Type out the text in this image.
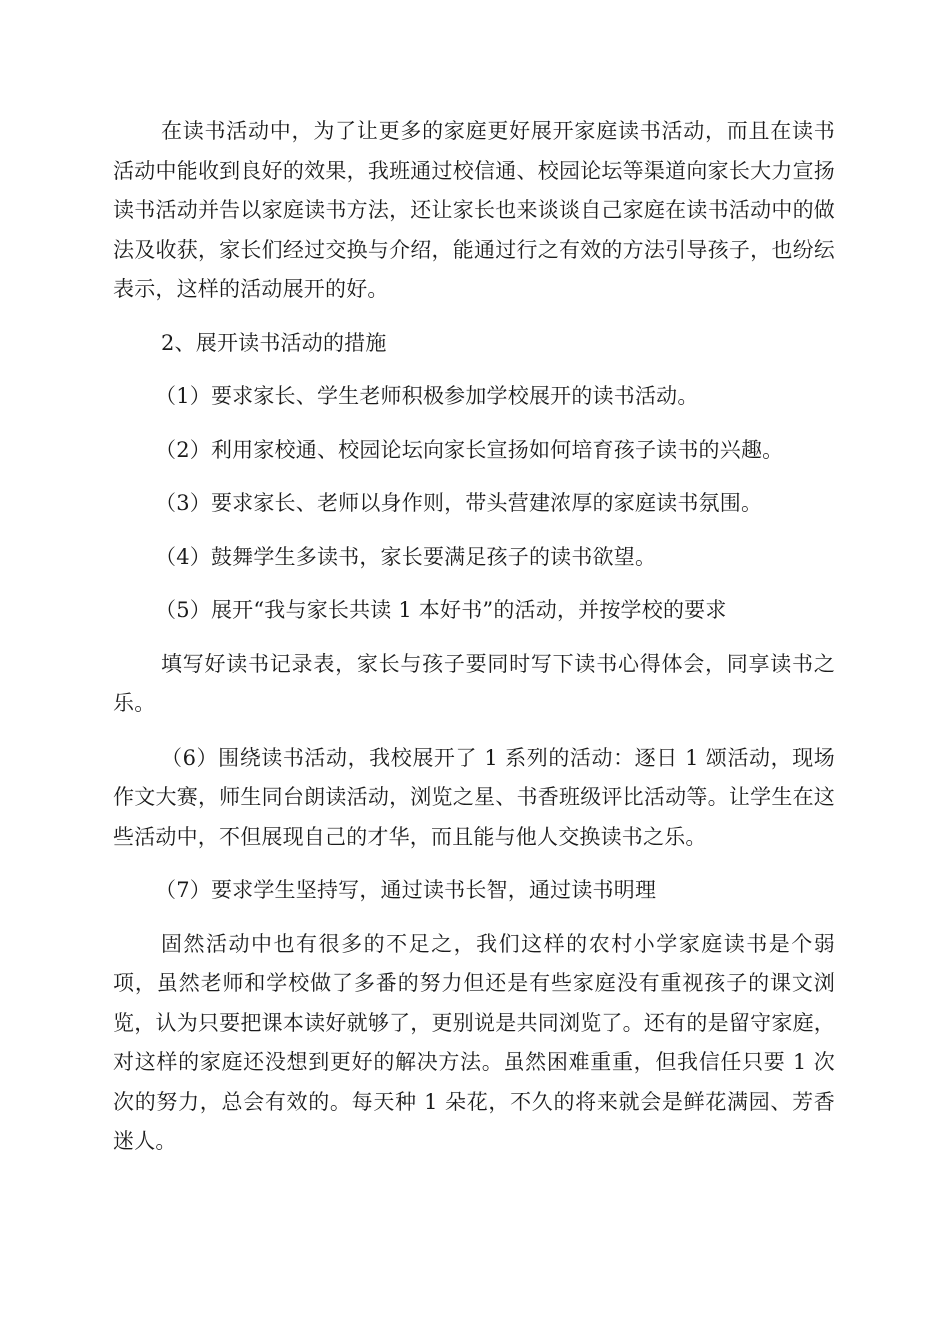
在读书活动中，为了让更多的家庭更好展开家庭读书活动，而且在读书活动中能收到良好的效果，我班通过校信通、校园论坛等渠道向家长大力宣扬读书活动并告以家庭读书方法，还让家长也来谈谈自己家庭在读书活动中的做法及收获，家长们经过交换与介绍，能通过行之有效的方法引导孩子，也纷纭表示，这样的活动展开的好。

2、展开读书活动的措施

（1）要求家长、学生老师积极参加学校展开的读书活动。

（2）利用家校通、校园论坛向家长宣扬如何培育孩子读书的兴趣。

（3）要求家长、老师以身作则，带头营建浓厚的家庭读书氛围。

（4）鼓舞学生多读书，家长要满足孩子的读书欲望。

（5）展开“我与家长共读 1 本好书”的活动，并按学校的要求

填写好读书记录表，家长与孩子要同时写下读书心得体会，同享读书之乐。

（6）围绕读书活动，我校展开了 1 系列的活动：逐日 1 颂活动，现场作文大赛，师生同台朗读活动，浏览之星、书香班级评比活动等。让学生在这些活动中，不但展现自己的才华，而且能与他人交换读书之乐。

（7）要求学生坚持写，通过读书长智，通过读书明理

固然活动中也有很多的不足之，我们这样的农村小学家庭读书是个弱项，虽然老师和学校做了多番的努力但还是有些家庭没有重视孩子的课文浏览，认为只要把课本读好就够了，更别说是共同浏览了。还有的是留守家庭，对这样的家庭还没想到更好的解决方法。虽然困难重重，但我信任只要 1 次次的努力，总会有效的。每天种 1 朵花，不久的将来就会是鲜花满园、芳香迷人。
